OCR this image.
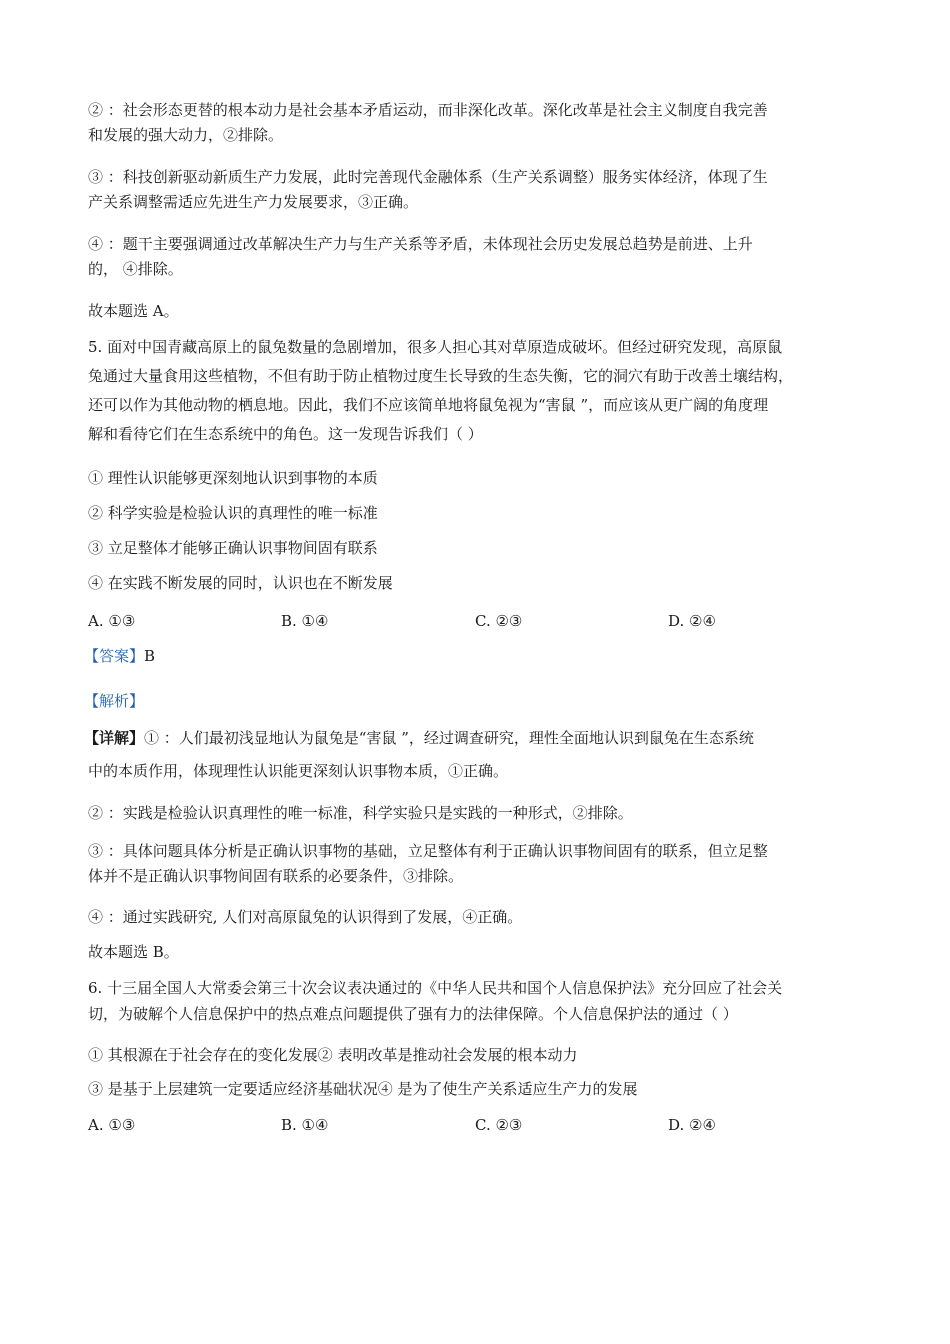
② ：社会形态更替的根本动力是社会基本矛盾运动，而非深化改革。深化改革是社会主义制度自我完善
和发展的强大动力，②排除。
③ ：科技创新驱动新质生产力发展，此时完善现代金融体系（生产关系调整）服务实体经济，体现了生
产关系调整需适应先进生产力发展要求，③正确。
④ ：题干主要强调通过改革解决生产力与生产关系等矛盾，未体现社会历史发展总趋势是前进、上升
的， ④排除。
故本题选 A。
5. 面对中国青藏高原上的鼠兔数量的急剧增加，很多人担心其对草原造成破坏。但经过研究发现，高原鼠
兔通过大量食用这些植物，不但有助于防止植物过度生长导致的生态失衡，它的洞穴有助于改善土壤结构，
还可以作为其他动物的栖息地。因此，我们不应该简单地将鼠兔视为“害鼠 ”，而应该从更广阔的角度理
解和看待它们在生态系统中的角色。这一发现告诉我们（ ）
① 理性认识能够更深刻地认识到事物的本质
② 科学实验是检验认识的真理性的唯一标准
③ 立足整体才能够正确认识事物间固有联系
④ 在实践不断发展的同时，认识也在不断发展
A. ①③	B. ①④	C. ②③	D. ②④
【答案】B
【解析】
【详解】① ：人们最初浅显地认为鼠兔是“害鼠 ”，经过调查研究，理性全面地认识到鼠兔在生态系统
中的本质作用，体现理性认识能更深刻认识事物本质，①正确。
② ：实践是检验认识真理性的唯一标准，科学实验只是实践的一种形式，②排除。
③ ：具体问题具体分析是正确认识事物的基础，立足整体有利于正确认识事物间固有的联系，但立足整
体并不是正确认识事物间固有联系的必要条件，③排除。
④ ：通过实践研究, 人们对高原鼠兔的认识得到了发展，④正确。
故本题选 B。
6. 十三届全国人大常委会第三十次会议表决通过的《中华人民共和国个人信息保护法》充分回应了社会关
切，为破解个人信息保护中的热点难点问题提供了强有力的法律保障。个人信息保护法的通过（ ）
① 其根源在于社会存在的变化发展② 表明改革是推动社会发展的根本动力
③ 是基于上层建筑一定要适应经济基础状况④ 是为了使生产关系适应生产力的发展
A. ①③	B. ①④	C. ②③	D. ②④
